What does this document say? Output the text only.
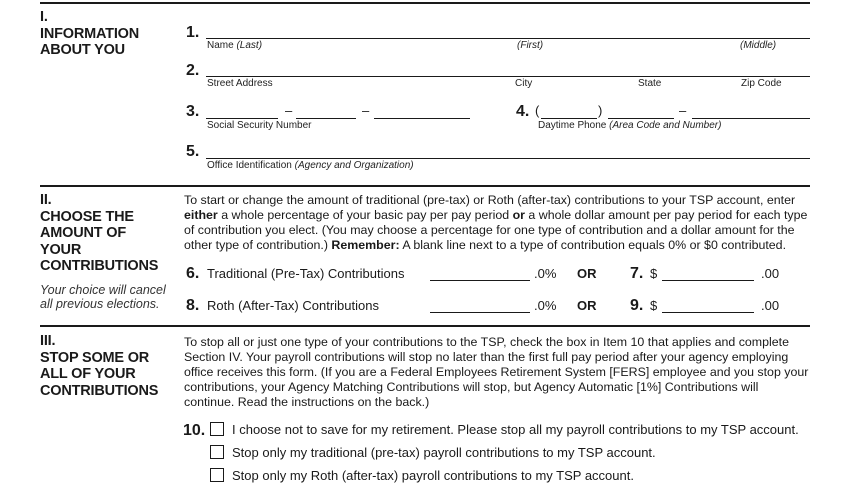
I.
INFORMATION
ABOUT YOU
1.
Name (Last)	(First)	(Middle)
2.
Street Address	City	State	Zip Code
3.	–	–
Social Security Number
4. (	)	–
Daytime Phone (Area Code and Number)
5.
Office Identification (Agency and Organization)
II.
CHOOSE THE
AMOUNT OF
YOUR
CONTRIBUTIONS
Your choice will cancel
all previous elections.
To start or change the amount of traditional (pre-tax) or Roth (after-tax) contributions to your TSP account, enter either a whole percentage of your basic pay per pay period or a whole dollar amount per pay period for each type of contribution you elect. (You may choose a percentage for one type of contribution and a dollar amount for the other type of contribution.) Remember: A blank line next to a type of contribution equals 0% or $0 contributed.
6. Traditional (Pre-Tax) Contributions	.0% OR 7. $	.00
8. Roth (After-Tax) Contributions	.0% OR 9. $	.00
III.
STOP SOME OR
ALL OF YOUR
CONTRIBUTIONS
To stop all or just one type of your contributions to the TSP, check the box in Item 10 that applies and complete Section IV. Your payroll contributions will stop no later than the first full pay period after your agency employing office receives this form. (If you are a Federal Employees Retirement System [FERS] employee and you stop your contributions, your Agency Matching Contributions will stop, but Agency Automatic [1%] Contributions will continue. Read the instructions on the back.)
10. I choose not to save for my retirement. Please stop all my payroll contributions to my TSP account.
Stop only my traditional (pre-tax) payroll contributions to my TSP account.
Stop only my Roth (after-tax) payroll contributions to my TSP account.
